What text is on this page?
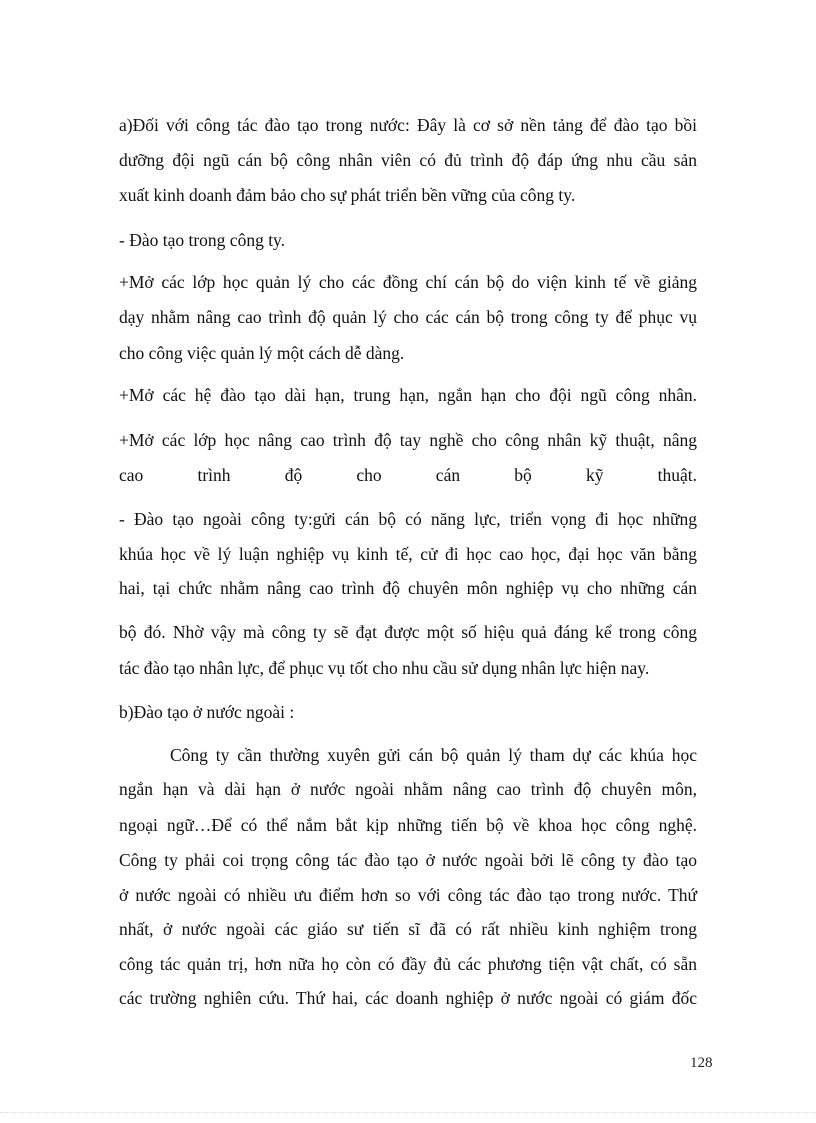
a)Đối với công tác đào tạo trong nước: Đây là cơ sở nền tảng để đào tạo bồi
dưỡng đội ngũ cán bộ công nhân viên có đủ trình độ đáp ứng nhu cầu sản
xuất kinh doanh đảm bảo cho sự phát triển bền vững của công ty.
- Đào tạo trong công ty.
+Mở các lớp học quản lý cho các đồng chí cán bộ do viện kinh tế về giảng
dạy nhằm nâng cao trình độ quản lý cho các cán bộ trong công ty để phục vụ
cho công việc quản lý một cách dễ dàng.
+Mở các hệ đào tạo dài hạn, trung hạn, ngắn hạn cho đội ngũ công nhân.
+Mở các lớp học nâng cao trình độ tay nghề cho công nhân kỹ thuật, nâng
cao trình độ cho cán bộ kỹ thuật.
- Đào tạo ngoài công ty:gửi cán bộ có năng lực, triển vọng đi học những
khúa học về lý luận nghiệp vụ kinh tế, cử đi học cao học, đại học văn bằng
hai, tại chức nhằm nâng cao trình độ chuyên môn nghiệp vụ cho những cán
bộ đó. Nhờ vậy mà công ty sẽ đạt được một số hiệu quả đáng kể trong công
tác đào tạo nhân lực, để phục vụ tốt cho nhu cầu sử dụng nhân lực hiện nay.
b)Đào tạo ở nước ngoài :
Công ty cần thường xuyên gửi cán bộ quản lý tham dự các khúa học
ngắn hạn và dài hạn ở nước ngoài nhằm nâng cao trình độ chuyên môn,
ngoại ngữ…Để có thể nắm bắt kịp những tiến bộ về khoa học công nghệ.
Công ty phải coi trọng công tác đào tạo ở nước ngoài bởi lẽ công ty đào tạo
ở nước ngoài có nhiều ưu điểm hơn so với công tác đào tạo trong nước. Thứ
nhất, ở nước ngoài các giáo sư tiến sĩ đã có rất nhiều kinh nghiệm trong
công tác quản trị, hơn nữa họ còn có đầy đủ các phương tiện vật chất, có sẵn
các trường nghiên cứu. Thứ hai, các doanh nghiệp ở nước ngoài có giám đốc
128
